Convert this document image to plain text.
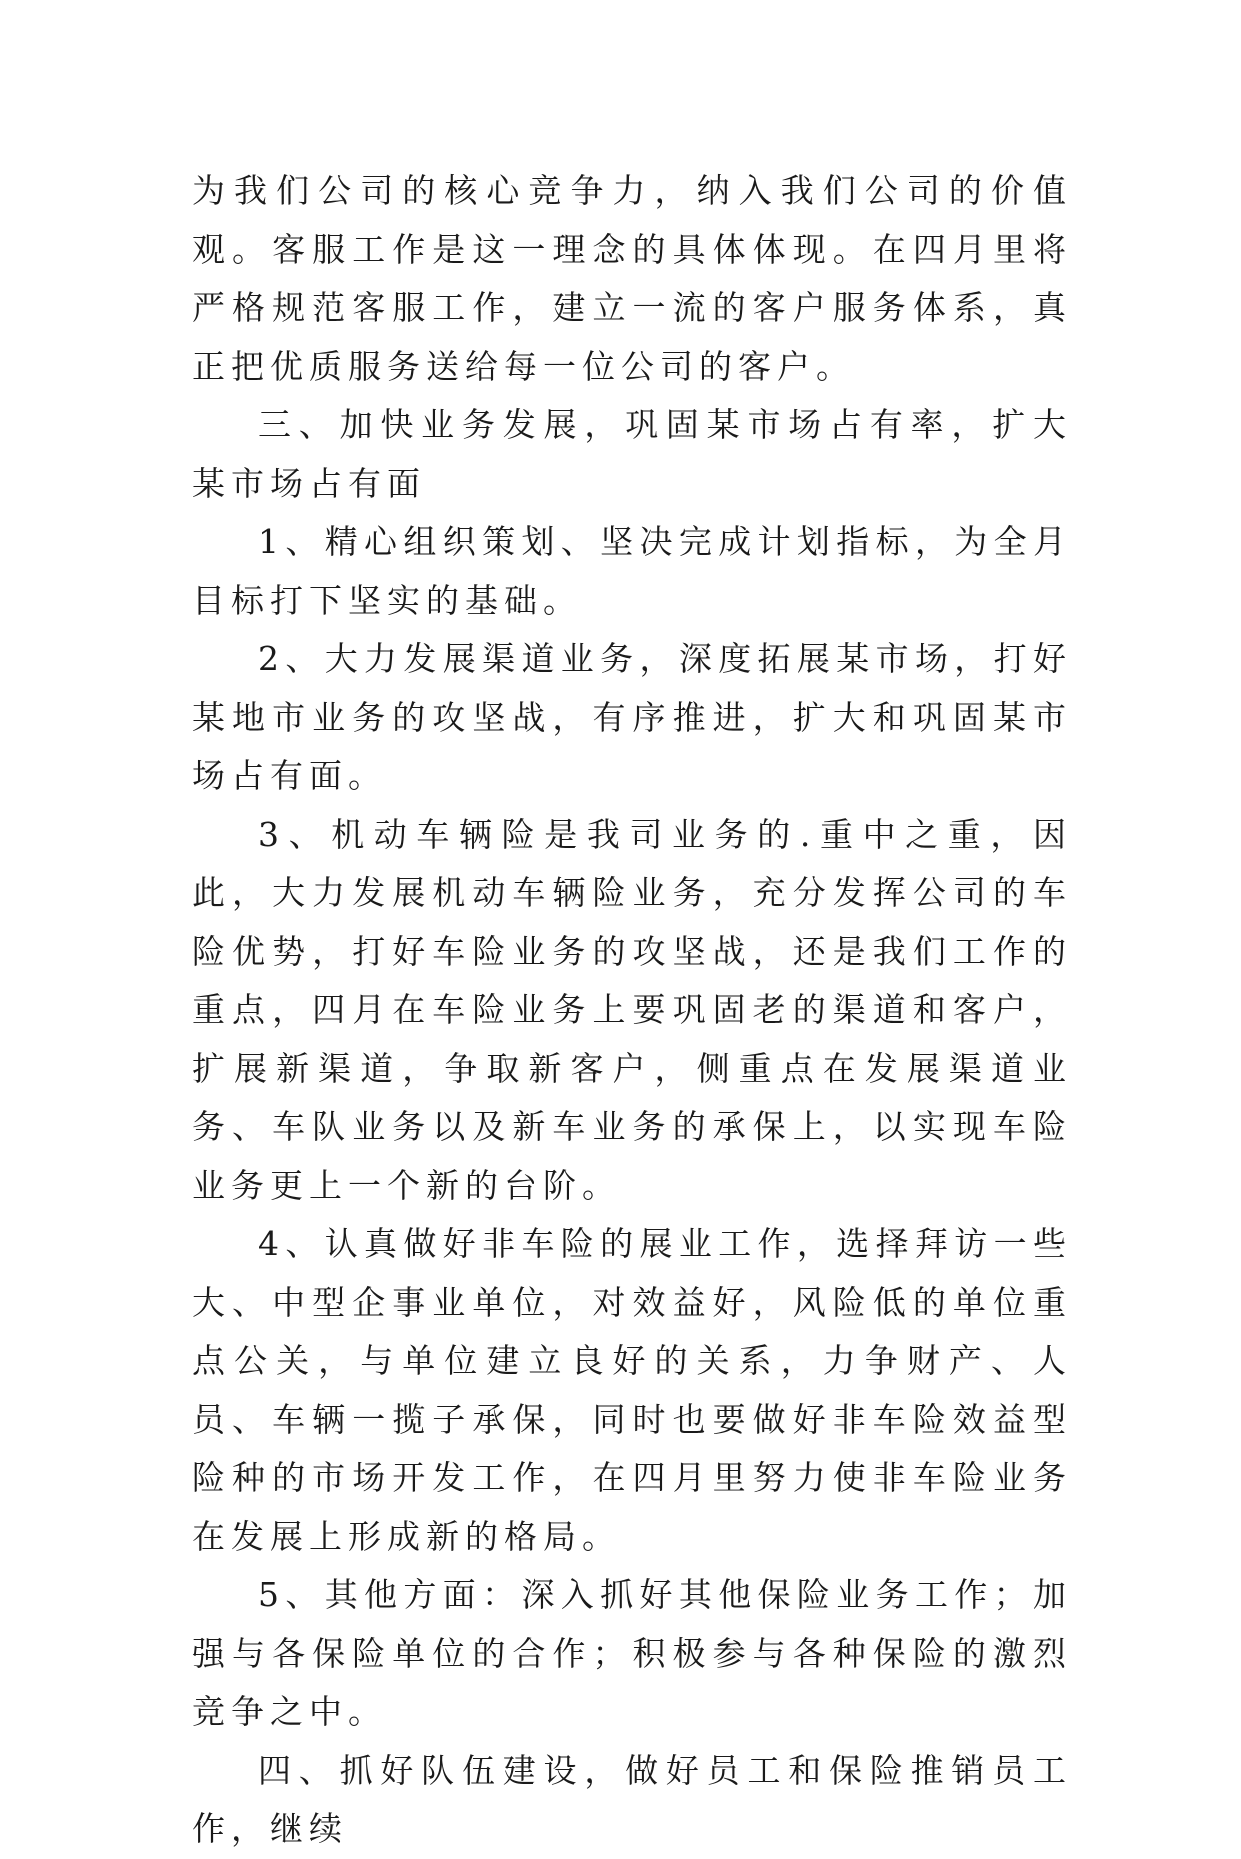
为我们公司的核心竞争力，纳入我们公司的价值观。客服工作是这一理念的具体体现。在四月里将严格规范客服工作，建立一流的客户服务体系，真正把优质服务送给每一位公司的客户。

三、加快业务发展，巩固某市场占有率，扩大某市场占有面

1、精心组织策划、坚决完成计划指标，为全月目标打下坚实的基础。

2、大力发展渠道业务，深度拓展某市场，打好某地市业务的攻坚战，有序推进，扩大和巩固某市场占有面。

3、机动车辆险是我司业务的.重中之重，因此，大力发展机动车辆险业务，充分发挥公司的车险优势，打好车险业务的攻坚战，还是我们工作的重点，四月在车险业务上要巩固老的渠道和客户，扩展新渠道，争取新客户，侧重点在发展渠道业务、车队业务以及新车业务的承保上，以实现车险业务更上一个新的台阶。

4、认真做好非车险的展业工作，选择拜访一些大、中型企事业单位，对效益好，风险低的单位重点公关，与单位建立良好的关系，力争财产、人员、车辆一揽子承保，同时也要做好非车险效益型险种的市场开发工作，在四月里努力使非车险业务在发展上形成新的格局。

5、其他方面：深入抓好其他保险业务工作；加强与各保险单位的合作；积极参与各种保险的激烈竞争之中。

四、抓好队伍建设，做好员工和保险推销员工作，继续
